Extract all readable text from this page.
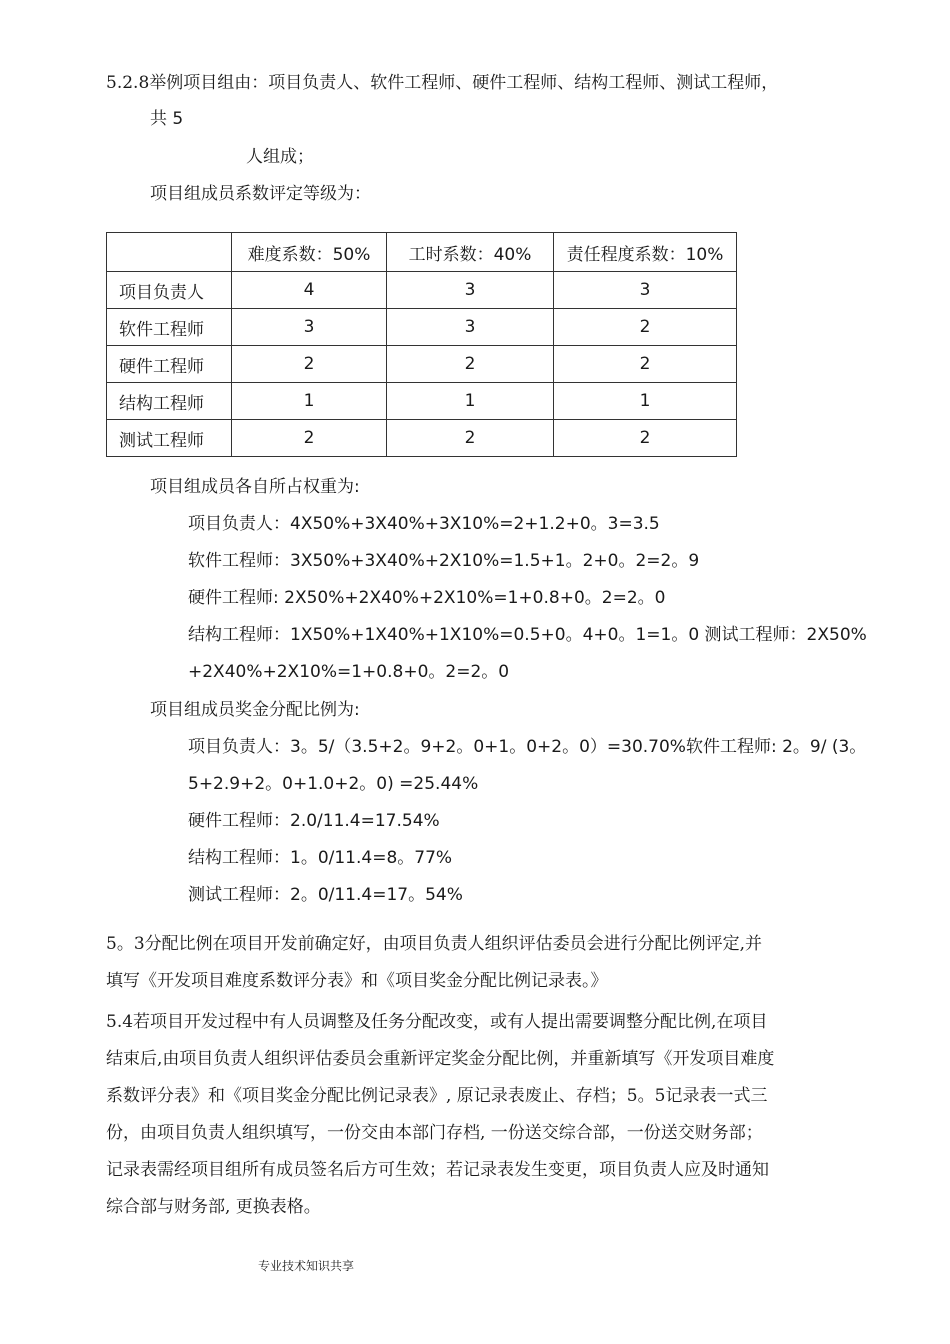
5.2.8举例项目组由：项目负责人、软件工程师、硬件工程师、结构工程师、测试工程师，
共 5
人组成；
项目组成员系数评定等级为：
	难度系数：50%	工时系数：40%	责任程度系数：10%
项目负责人	4	3	3
软件工程师	3	3	2
硬件工程师	2	2	2
结构工程师	1	1	1
测试工程师	2	2	2
项目组成员各自所占权重为:
项目负责人：4X50%+3X40%+3X10%=2+1.2+0。3=3.5
软件工程师：3X50%+3X40%+2X10%=1.5+1。2+0。2=2。9
硬件工程师: 2X50%+2X40%+2X10%=1+0.8+0。2=2。0
结构工程师：1X50%+1X40%+1X10%=0.5+0。4+0。1=1。0 测试工程师：2X50%
+2X40%+2X10%=1+0.8+0。2=2。0
项目组成员奖金分配比例为:
项目负责人：3。5/（3.5+2。9+2。0+1。0+2。0）=30.70%软件工程师: 2。9/ (3。
5+2.9+2。0+1.0+2。0) =25.44%
硬件工程师：2.0/11.4=17.54%
结构工程师：1。0/11.4=8。77%
测试工程师：2。0/11.4=17。54%
5。3分配比例在项目开发前确定好，由项目负责人组织评估委员会进行分配比例评定,并
填写《开发项目难度系数评分表》和《项目奖金分配比例记录表。》
5.4若项目开发过程中有人员调整及任务分配改变，或有人提出需要调整分配比例,在项目
结束后,由项目负责人组织评估委员会重新评定奖金分配比例，并重新填写《开发项目难度
系数评分表》和《项目奖金分配比例记录表》, 原记录表废止、存档；5。5记录表一式三
份，由项目负责人组织填写，一份交由本部门存档, 一份送交综合部，一份送交财务部；
记录表需经项目组所有成员签名后方可生效；若记录表发生变更，项目负责人应及时通知
综合部与财务部, 更换表格。
专业技术知识共享
